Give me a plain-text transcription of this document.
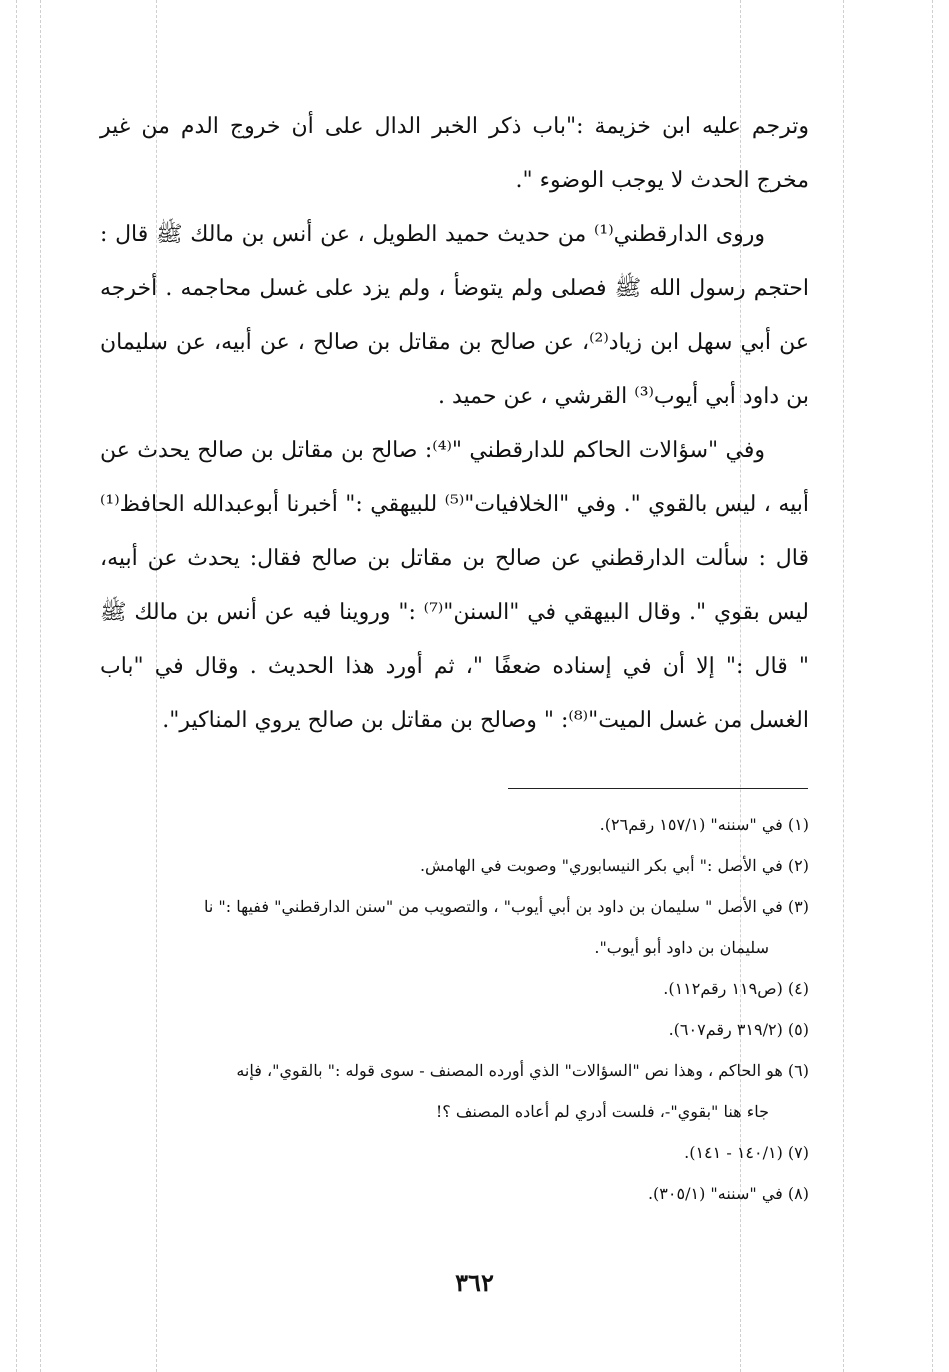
وترجم عليه ابن خزيمة :"باب ذكر الخبر الدال على أن خروج الدم من غير مخرج الحدث لا يوجب الوضوء ".

وروى الدارقطني⁽¹⁾ من حديث حميد الطويل ، عن أنس بن مالك ﷺ قال : احتجم رسول الله ﷺ فصلى ولم يتوضأ ، ولم يزد على غسل محاجمه . أخرجه عن أبي سهل ابن زياد⁽²⁾، عن صالح بن مقاتل بن صالح ، عن أبيه، عن سليمان بن داود أبي أيوب⁽³⁾ القرشي ، عن حميد .

وفي "سؤالات الحاكم للدارقطني "⁽⁴⁾: صالح بن مقاتل بن صالح يحدث عن أبيه ، ليس بالقوي ". وفي "الخلافيات"⁽⁵⁾ للبيهقي :" أخبرنا أبوعبدالله الحافظ⁽¹⁾ قال : سألت الدارقطني عن صالح بن مقاتل بن صالح فقال: يحدث عن أبيه، ليس بقوي ". وقال البيهقي في "السنن"⁽⁷⁾ :" وروينا فيه عن أنس بن مالك ﷺ " قال :" إلا أن في إسناده ضعفًا "، ثم أورد هذا الحديث . وقال في "باب الغسل من غسل الميت"⁽⁸⁾: " وصالح بن مقاتل بن صالح يروي المناكير".

(١) في "سننه" (١٥٧/١ رقم٢٦).

(٢) في الأصل :" أبي بكر النيسابوري" وصوبت في الهامش.

(٣) في الأصل " سليمان بن داود بن أبي أيوب" ، والتصويب من "سنن الدارقطني" ففيها :" نا

سليمان بن داود أبو أيوب".

(٤) (ص١١٩ رقم١١٢).

(٥) (٣١٩/٢ رقم٦٠٧).

(٦) هو الحاكم ، وهذا نص "السؤالات" الذي أورده المصنف - سوى قوله :" بالقوي"، فإنه

جاء هنا "بقوي"-، فلست أدري لم أعاده المصنف ؟!

(٧) (١٤٠/١ - ١٤١).

(٨) في "سننه" (٣٠٥/١).

٣٦٢
